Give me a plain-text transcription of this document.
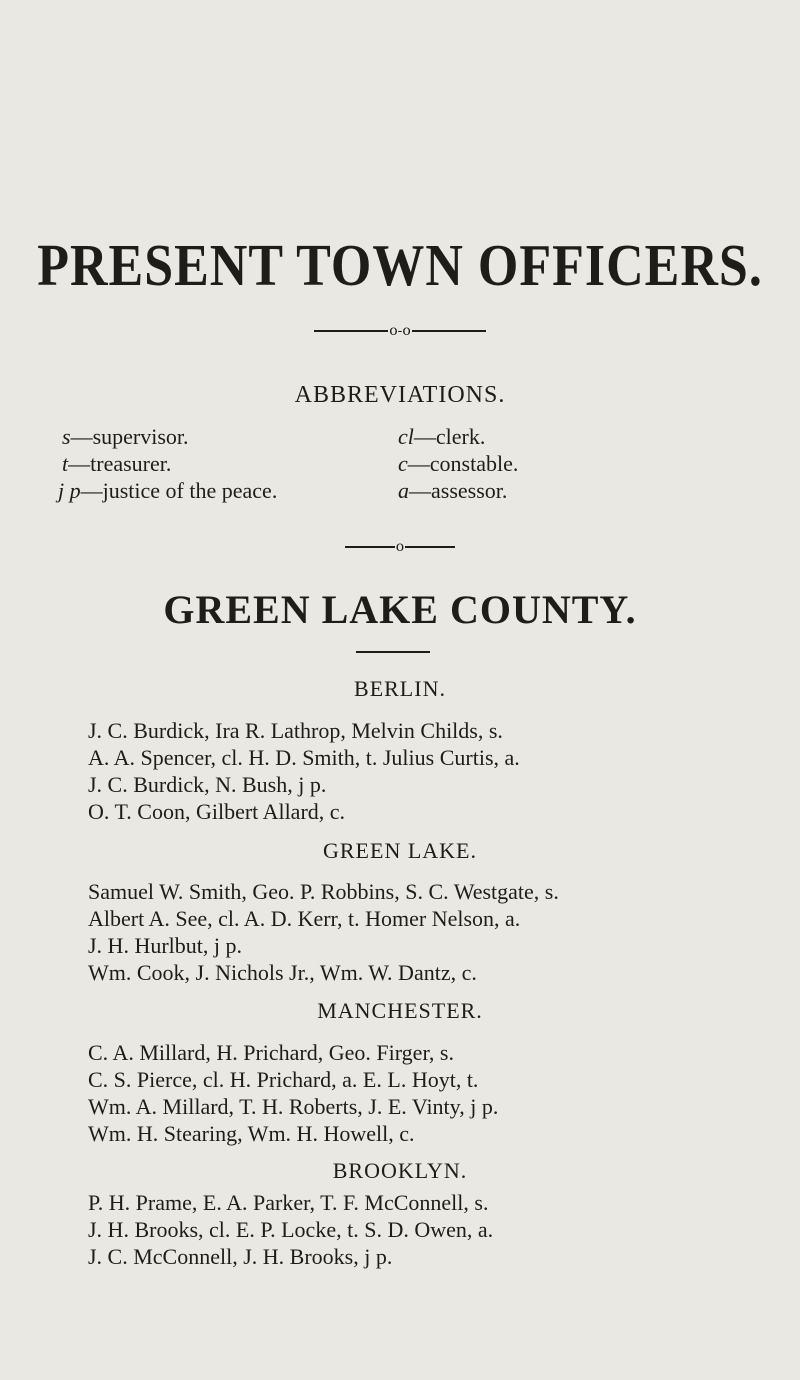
PRESENT TOWN OFFICERS.
o-o
ABBREVIATIONS.
s—supervisor.	cl—clerk.
t—treasurer.	c—constable.
j p—justice of the peace.	a—assessor.
o
GREEN LAKE COUNTY.
BERLIN.
J. C. Burdick, Ira R. Lathrop, Melvin Childs, s.
A. A. Spencer, cl. H. D. Smith, t. Julius Curtis, a.
J. C. Burdick, N. Bush, j p.
O. T. Coon, Gilbert Allard, c.
GREEN LAKE.
Samuel W. Smith, Geo. P. Robbins, S. C. Westgate, s.
Albert A. See, cl. A. D. Kerr, t. Homer Nelson, a.
J. H. Hurlbut, j p.
Wm. Cook, J. Nichols Jr., Wm. W. Dantz, c.
MANCHESTER.
C. A. Millard, H. Prichard, Geo. Firger, s.
C. S. Pierce, cl. H. Prichard, a. E. L. Hoyt, t.
Wm. A. Millard, T. H. Roberts, J. E. Vinty, j p.
Wm. H. Stearing, Wm. H. Howell, c.
BROOKLYN.
P. H. Prame, E. A. Parker, T. F. McConnell, s.
J. H. Brooks, cl. E. P. Locke, t. S. D. Owen, a.
J. C. McConnell, J. H. Brooks, j p.
